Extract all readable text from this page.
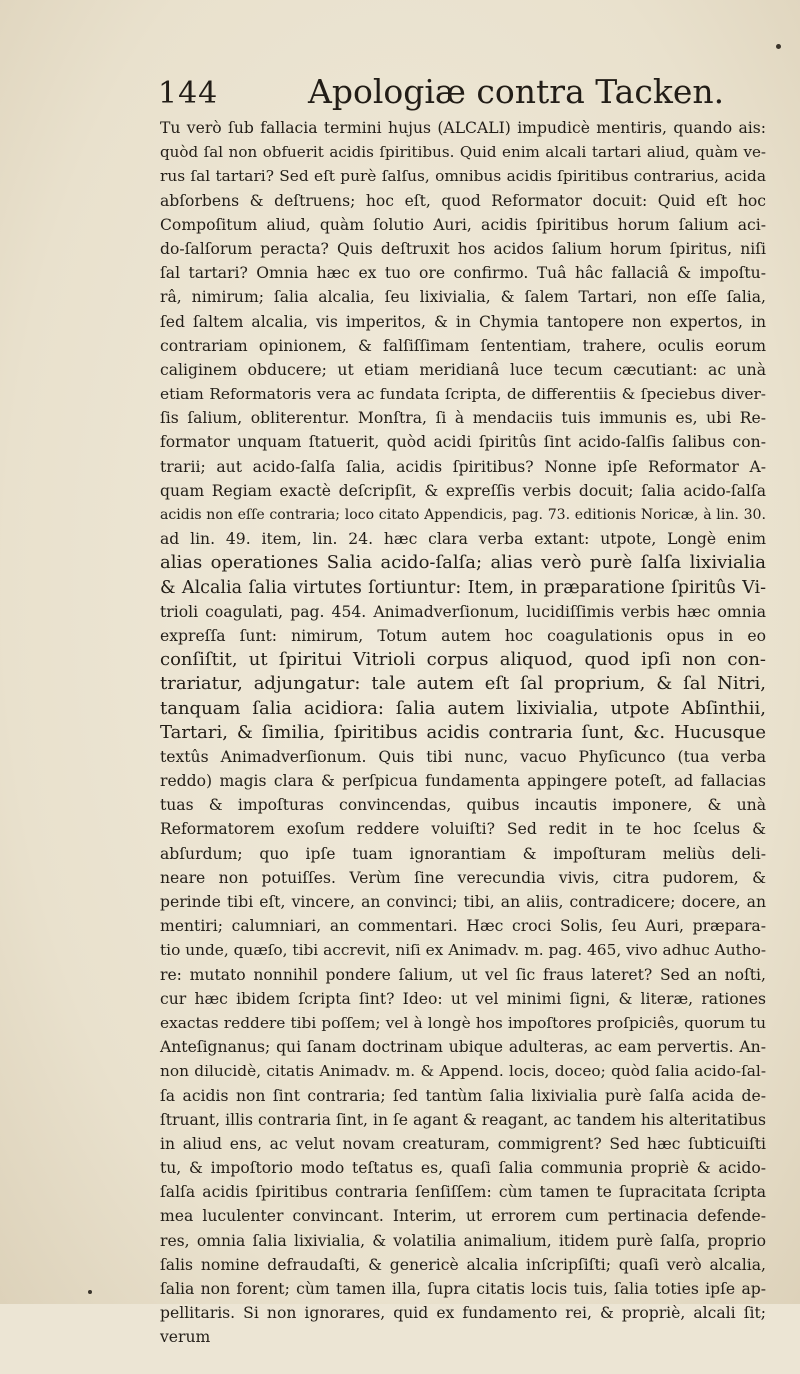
144	Apologiæ contra Tacken.
Tu verò ſub fallacia termini hujus (ALCALI) impudicè mentiris, quando ais:
quòd ſal non obfuerit acidis ſpiritibus. Quid enim alcali tartari aliud, quàm ve-
rus ſal tartari? Sed eſt purè ſalſus, omnibus acidis ſpiritibus contrarius, acida
abſorbens & deſtruens; hoc eſt, quod Reformator docuit: Quid eſt hoc
Compoſitum aliud, quàm ſolutio Auri, acidis ſpiritibus horum ſalium aci-
do-ſalſorum peracta? Quis deſtruxit hos acidos ſalium horum ſpiritus, niſi
ſal tartari? Omnia hæc ex tuo ore confirmo. Tuâ hâc fallaciâ & impoſtu-
râ, nimirum; ſalia alcalia, ſeu lixivialia, & ſalem Tartari, non eſſe ſalia,
ſed ſaltem alcalia, vis imperitos, & in Chymia tantopere non expertos, in
contrariam opinionem, & falſiſſimam ſententiam, trahere, oculis eorum
caliginem obducere; ut etiam meridianâ luce tecum cæcutiant: ac unà
etiam Reformatoris vera ac fundata ſcripta, de differentiis & ſpeciebus diver-
ſis ſalium, obliterentur. Monſtra, ſi à mendaciis tuis immunis es, ubi Re-
formator unquam ſtatuerit, quòd acidi ſpiritûs ſint acido-ſalſis ſalibus con-
trarii; aut acido-ſalſa ſalia, acidis ſpiritibus? Nonne ipſe Reformator A-
quam Regiam exactè deſcripſit, & expreſſis verbis docuit; ſalia acido-ſalſa
acidis non eſſe contraria; loco citato Appendicis, pag. 73. editionis Noricæ, à lin. 30.
ad lin. 49. item, lin. 24. hæc clara verba extant: utpote, Longè enim
alias operationes Salia acido-ſalſa; alias verò purè ſalſa lixivialia
& Alcalia ſalia virtutes ſortiuntur: Item, in præparatione ſpiritûs Vi-
trioli coagulati, pag. 454. Animadverſionum, lucidiſſimis verbis hæc omnia
expreſſa ſunt: nimirum, Totum autem hoc coagulationis opus in eo
conſiſtit, ut ſpiritui Vitrioli corpus aliquod, quod ipſi non con-
trariatur, adjungatur: tale autem eſt ſal proprium, & ſal Nitri,
tanquam ſalia acidiora: ſalia autem lixivialia, utpote Abſinthii,
Tartari, & ſimilia, ſpiritibus acidis contraria ſunt, &c. Hucusque
textûs Animadverſionum. Quis tibi nunc, vacuo Phyſicunco (tua verba
reddo) magis clara & perſpicua fundamenta appingere poteſt, ad fallacias
tuas & impoſturas convincendas, quibus incautis imponere, & unà
Reformatorem exoſum reddere voluiſti? Sed redit in te hoc ſcelus &
abſurdum; quo ipſe tuam ignorantiam & impoſturam meliùs deli-
neare non potuiſſes. Verùm ſine verecundia vivis, citra pudorem, &
perinde tibi eſt, vincere, an convinci; tibi, an aliis, contradicere; docere, an
mentiri; calumniari, an commentari. Hæc croci Solis, ſeu Auri, præpara-
tio unde, quæſo, tibi accrevit, niſi ex Animadv. m. pag. 465, vivo adhuc Autho-
re: mutato nonnihil pondere ſalium, ut vel ſic fraus lateret? Sed an noſti,
cur hæc ibidem ſcripta ſint? Ideo: ut vel minimi ſigni, & literæ, rationes
exactas reddere tibi poſſem; vel à longè hos impoſtores proſpiciês, quorum tu
Anteſignanus; qui ſanam doctrinam ubique adulteras, ac eam pervertis. An-
non dilucidè, citatis Animadv. m. & Append. locis, doceo; quòd ſalia acido-ſal-
ſa acidis non ſint contraria; ſed tantùm ſalia lixivialia purè ſalſa acida de-
ſtruant, illis contraria ſint, in ſe agant & reagant, ac tandem his alteritatibus
in aliud ens, ac velut novam creaturam, commigrent? Sed hæc ſubticuiſti
tu, & impoſtorio modo teſtatus es, quaſi ſalia communia propriè & acido-
ſalſa acidis ſpiritibus contraria ſenſiſſem: cùm tamen te ſupracitata ſcripta
mea luculenter convincant. Interim, ut errorem cum pertinacia defende-
res, omnia ſalia lixivialia, & volatilia animalium, itidem purè ſalſa, proprio
ſalis nomine defraudaſti, & genericè alcalia inſcripſiſti; quaſi verò alcalia,
ſalia non forent; cùm tamen illa, ſupra citatis locis tuis, ſalia toties ipſe ap-
pellitaris. Si non ignorares, quid ex fundamento rei, & propriè, alcali ſit;
verum
